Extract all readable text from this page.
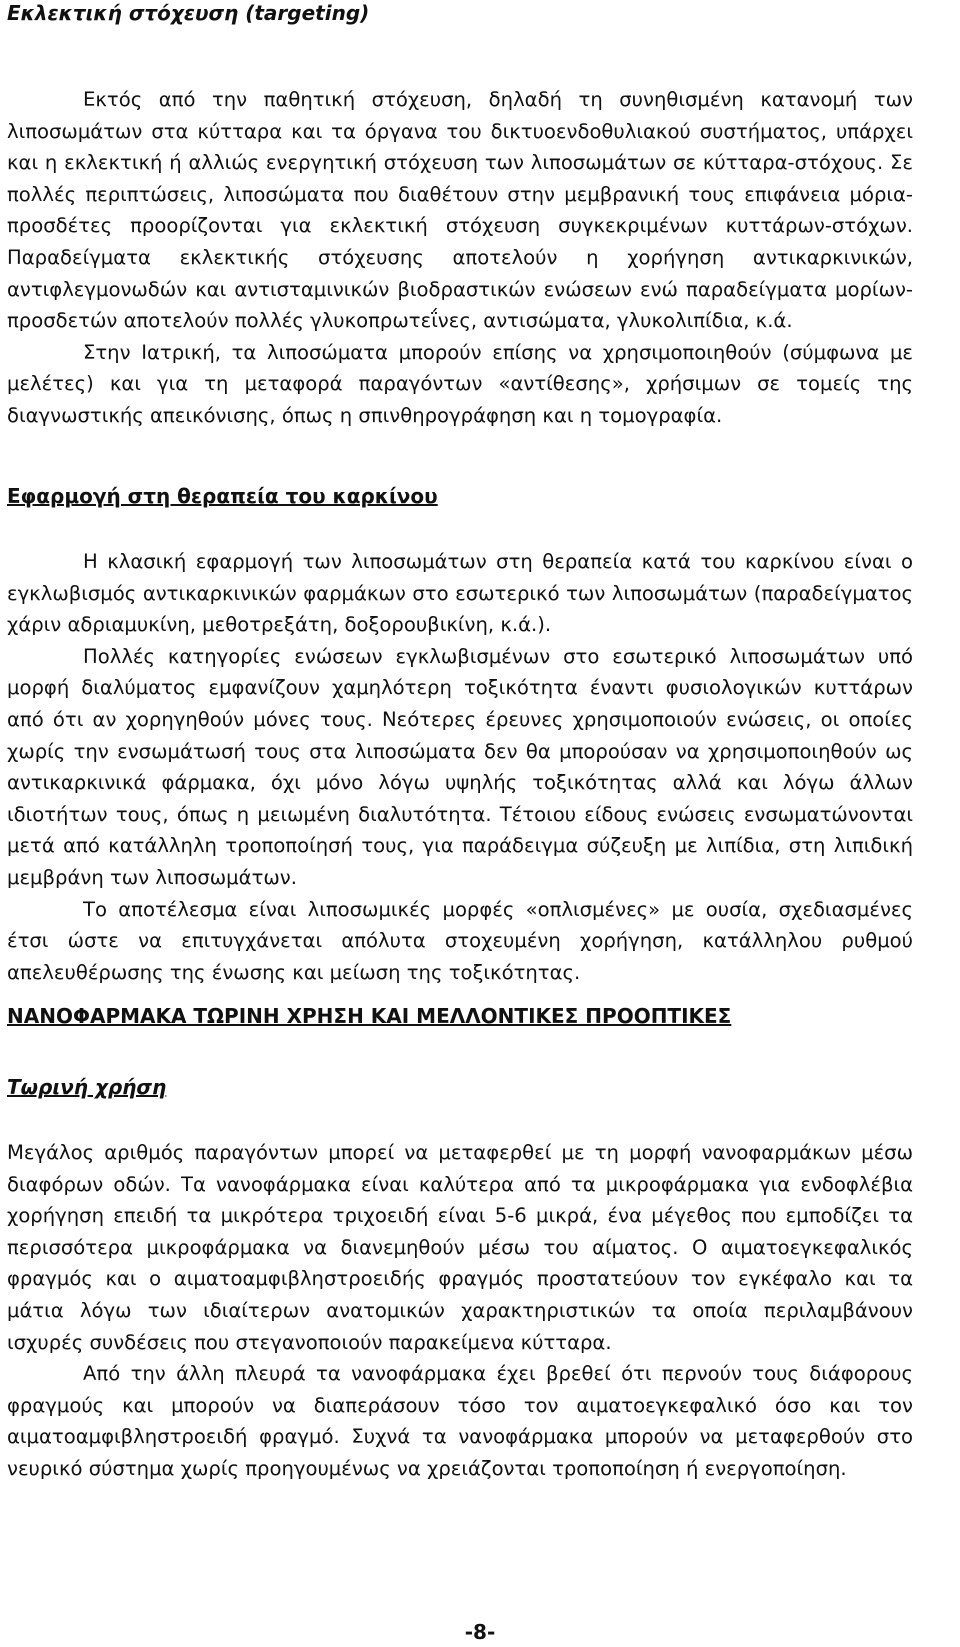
Εκλεκτική στόχευση (targeting)

Εκτός από την παθητική στόχευση, δηλαδή τη συνηθισμένη κατανομή των λιποσωμάτων στα κύτταρα και τα όργανα του δικτυοενδοθυλιακού συστήματος, υπάρχει και η εκλεκτική ή αλλιώς ενεργητική στόχευση των λιποσωμάτων σε κύτταρα-στόχους. Σε πολλές περιπτώσεις, λιποσώματα που διαθέτουν στην μεμβρανική τους επιφάνεια μόρια-προσδέτες προορίζονται για εκλεκτική στόχευση συγκεκριμένων κυττάρων-στόχων. Παραδείγματα εκλεκτικής στόχευσης αποτελούν η χορήγηση αντικαρκινικών, αντιφλεγμονωδών και αντισταμινικών βιοδραστικών ενώσεων ενώ παραδείγματα μορίων-προσδετών αποτελούν πολλές γλυκοπρωτεΐνες, αντισώματα, γλυκολιπίδια, κ.ά.

Στην Ιατρική, τα λιποσώματα μπορούν επίσης να χρησιμοποιηθούν (σύμφωνα με μελέτες) και για τη μεταφορά παραγόντων «αντίθεσης», χρήσιμων σε τομείς της διαγνωστικής απεικόνισης, όπως η σπινθηρογράφηση και η τομογραφία.

Εφαρμογή στη θεραπεία του καρκίνου

Η κλασική εφαρμογή των λιποσωμάτων στη θεραπεία κατά του καρκίνου είναι ο εγκλωβισμός αντικαρκινικών φαρμάκων στο εσωτερικό των λιποσωμάτων (παραδείγματος χάριν αδριαμυκίνη, μεθοτρεξάτη, δοξορουβικίνη, κ.ά.).

Πολλές κατηγορίες ενώσεων εγκλωβισμένων στο εσωτερικό λιποσωμάτων υπό μορφή διαλύματος εμφανίζουν χαμηλότερη τοξικότητα έναντι φυσιολογικών κυττάρων από ότι αν χορηγηθούν μόνες τους. Νεότερες έρευνες χρησιμοποιούν ενώσεις, οι οποίες χωρίς την ενσωμάτωσή τους στα λιποσώματα δεν θα μπορούσαν να χρησιμοποιηθούν ως αντικαρκινικά φάρμακα, όχι μόνο λόγω υψηλής τοξικότητας αλλά και λόγω άλλων ιδιοτήτων τους, όπως η μειωμένη διαλυτότητα. Τέτοιου είδους ενώσεις ενσωματώνονται μετά από κατάλληλη τροποποίησή τους, για παράδειγμα σύζευξη με λιπίδια, στη λιπιδική μεμβράνη των λιποσωμάτων.

Το αποτέλεσμα είναι λιποσωμικές μορφές «οπλισμένες» με ουσία, σχεδιασμένες έτσι ώστε να επιτυγχάνεται απόλυτα στοχευμένη χορήγηση, κατάλληλου ρυθμού απελευθέρωσης της ένωσης και μείωση της τοξικότητας.

ΝΑΝΟΦΑΡΜΑΚΑ ΤΩΡΙΝΗ ΧΡΗΣΗ ΚΑΙ ΜΕΛΛΟΝΤΙΚΕΣ ΠΡΟΟΠΤΙΚΕΣ
Τωρινή χρήση

Μεγάλος αριθμός παραγόντων μπορεί να μεταφερθεί με τη μορφή νανοφαρμάκων μέσω διαφόρων οδών. Τα νανοφάρμακα είναι καλύτερα από τα μικροφάρμακα για ενδοφλέβια χορήγηση επειδή τα μικρότερα τριχοειδή είναι 5-6 μικρά, ένα μέγεθος που εμποδίζει τα περισσότερα μικροφάρμακα να διανεμηθούν μέσω του αίματος. Ο αιματοεγκεφαλικός φραγμός και ο αιματοαμφιβληστροειδής φραγμός προστατεύουν τον εγκέφαλο και τα μάτια λόγω των ιδιαίτερων ανατομικών χαρακτηριστικών τα οποία περιλαμβάνουν ισχυρές συνδέσεις που στεγανοποιούν παρακείμενα κύτταρα.

Από την άλλη πλευρά τα νανοφάρμακα έχει βρεθεί ότι περνούν τους διάφορους φραγμούς και μπορούν να διαπεράσουν τόσο τον αιματοεγκεφαλικό όσο και τον αιματοαμφιβληστροειδή φραγμό. Συχνά τα νανοφάρμακα μπορούν να μεταφερθούν στο νευρικό σύστημα χωρίς προηγουμένως να χρειάζονται τροποποίηση ή ενεργοποίηση.

-8-
